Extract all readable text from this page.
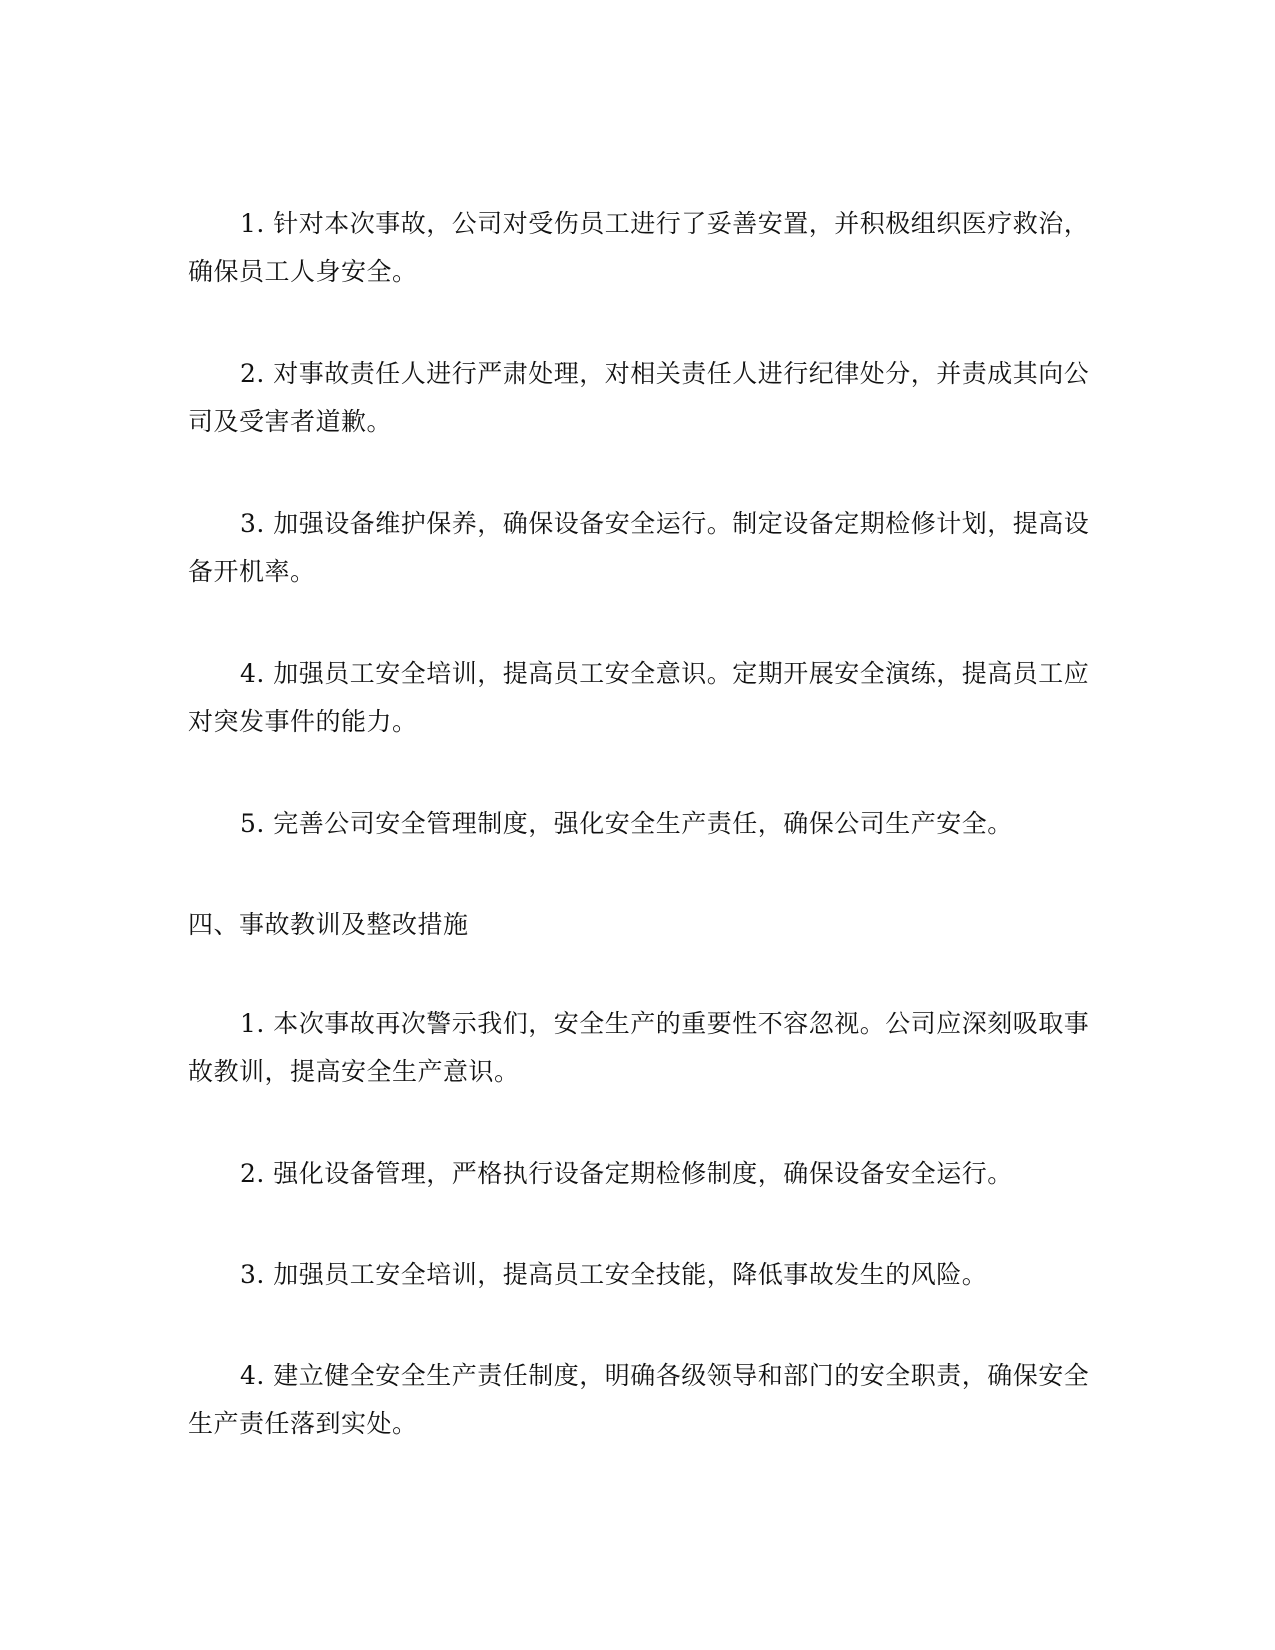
1. 针对本次事故，公司对受伤员工进行了妥善安置，并积极组织医疗救治，
确保员工人身安全。

2. 对事故责任人进行严肃处理，对相关责任人进行纪律处分，并责成其向公
司及受害者道歉。

3. 加强设备维护保养，确保设备安全运行。制定设备定期检修计划，提高设
备开机率。

4. 加强员工安全培训，提高员工安全意识。定期开展安全演练，提高员工应
对突发事件的能力。

5. 完善公司安全管理制度，强化安全生产责任，确保公司生产安全。

四、事故教训及整改措施

1. 本次事故再次警示我们，安全生产的重要性不容忽视。公司应深刻吸取事
故教训，提高安全生产意识。

2. 强化设备管理，严格执行设备定期检修制度，确保设备安全运行。

3. 加强员工安全培训，提高员工安全技能，降低事故发生的风险。

4. 建立健全安全生产责任制度，明确各级领导和部门的安全职责，确保安全
生产责任落到实处。
